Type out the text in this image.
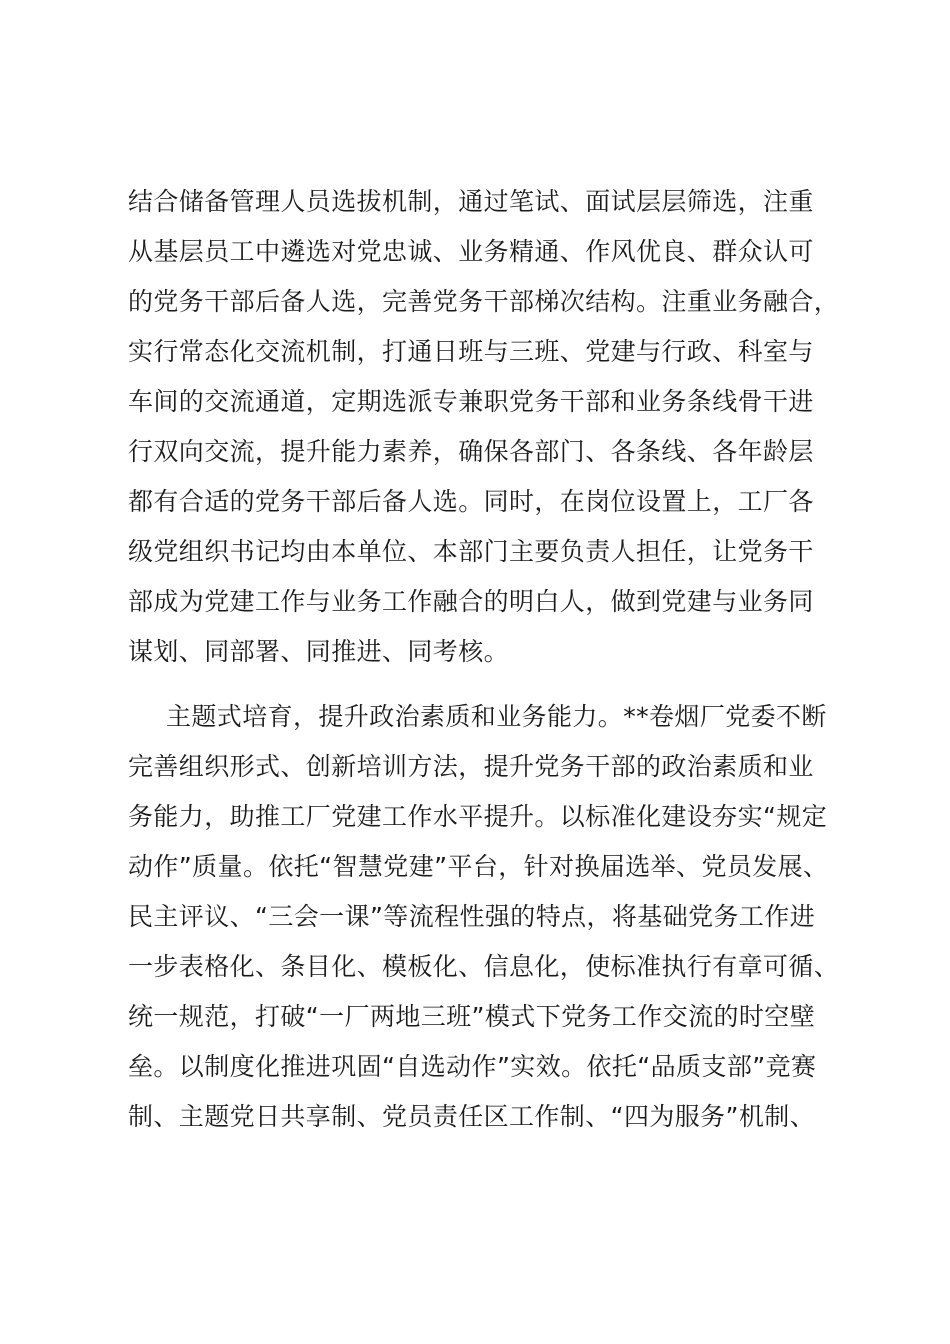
结合储备管理人员选拔机制，通过笔试、面试层层筛选，注重
从基层员工中遴选对党忠诚、业务精通、作风优良、群众认可
的党务干部后备人选，完善党务干部梯次结构。注重业务融合，
实行常态化交流机制，打通日班与三班、党建与行政、科室与
车间的交流通道，定期选派专兼职党务干部和业务条线骨干进
行双向交流，提升能力素养，确保各部门、各条线、各年龄层
都有合适的党务干部后备人选。同时，在岗位设置上，工厂各
级党组织书记均由本单位、本部门主要负责人担任，让党务干
部成为党建工作与业务工作融合的明白人，做到党建与业务同
谋划、同部署、同推进、同考核。
主题式培育，提升政治素质和业务能力。**卷烟厂党委不断
完善组织形式、创新培训方法，提升党务干部的政治素质和业
务能力，助推工厂党建工作水平提升。以标准化建设夯实“规定
动作”质量。依托“智慧党建”平台，针对换届选举、党员发展、
民主评议、“三会一课”等流程性强的特点，将基础党务工作进
一步表格化、条目化、模板化、信息化，使标准执行有章可循、
统一规范，打破“一厂两地三班”模式下党务工作交流的时空壁
垒。以制度化推进巩固“自选动作”实效。依托“品质支部”竞赛
制、主题党日共享制、党员责任区工作制、“四为服务”机制、
